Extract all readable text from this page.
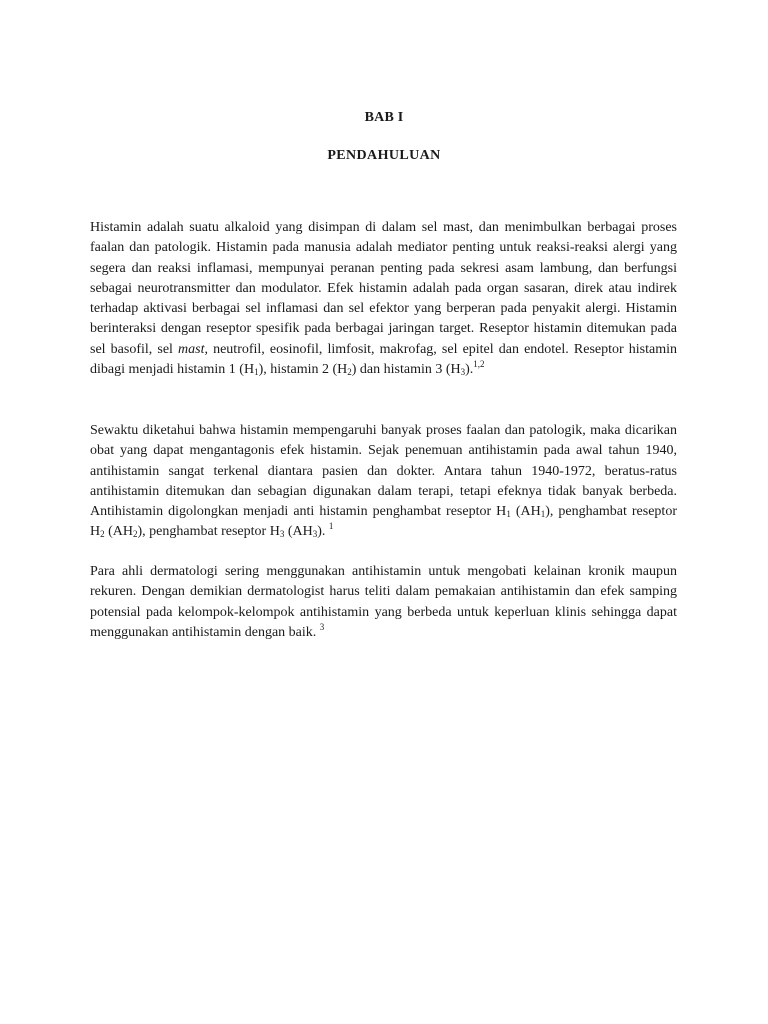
BAB I
PENDAHULUAN

Histamin adalah suatu alkaloid yang disimpan di dalam sel mast, dan menimbulkan berbagai proses faalan dan patologik. Histamin pada manusia adalah mediator penting untuk reaksi-reaksi alergi yang segera dan reaksi inflamasi, mempunyai peranan penting pada sekresi asam lambung, dan berfungsi sebagai neurotransmitter dan modulator. Efek histamin adalah pada organ sasaran, direk atau indirek terhadap aktivasi berbagai sel inflamasi dan sel efektor yang berperan pada penyakit alergi. Histamin berinteraksi dengan reseptor spesifik pada berbagai jaringan target. Reseptor histamin ditemukan pada sel basofil, sel mast, neutrofil, eosinofil, limfosit, makrofag, sel epitel dan endotel. Reseptor histamin dibagi menjadi histamin 1 $(H_1)$, histamin 2 $(H_2)$ dan histamin 3 $(H_3).^{1,2}$

Sewaktu diketahui bahwa histamin mempengaruhi banyak proses faalan dan patologik, maka dicarikan obat yang dapat mengantagonis efek histamin. Sejak penemuan antihistamin pada awal tahun 1940, antihistamin sangat terkenal diantara pasien dan dokter. Antara tahun 1940-1972, beratus-ratus antihistamin ditemukan dan sebagian digunakan dalam terapi, tetapi efeknya tidak banyak berbeda. Antihistamin digolongkan menjadi anti histamin penghambat reseptor $H_1$ $(AH_1)$, penghambat reseptor $H_2$ $(AH_2)$, penghambat reseptor $H_3$ $(AH_3)$. $^1$

Para ahli dermatologi sering menggunakan antihistamin untuk mengobati kelainan kronik maupun rekuren. Dengan demikian dermatologist harus teliti dalam pemakaian antihistamin dan efek samping potensial pada kelompok-kelompok antihistamin yang berbeda untuk keperluan klinis sehingga dapat menggunakan antihistamin dengan baik. $^3$
